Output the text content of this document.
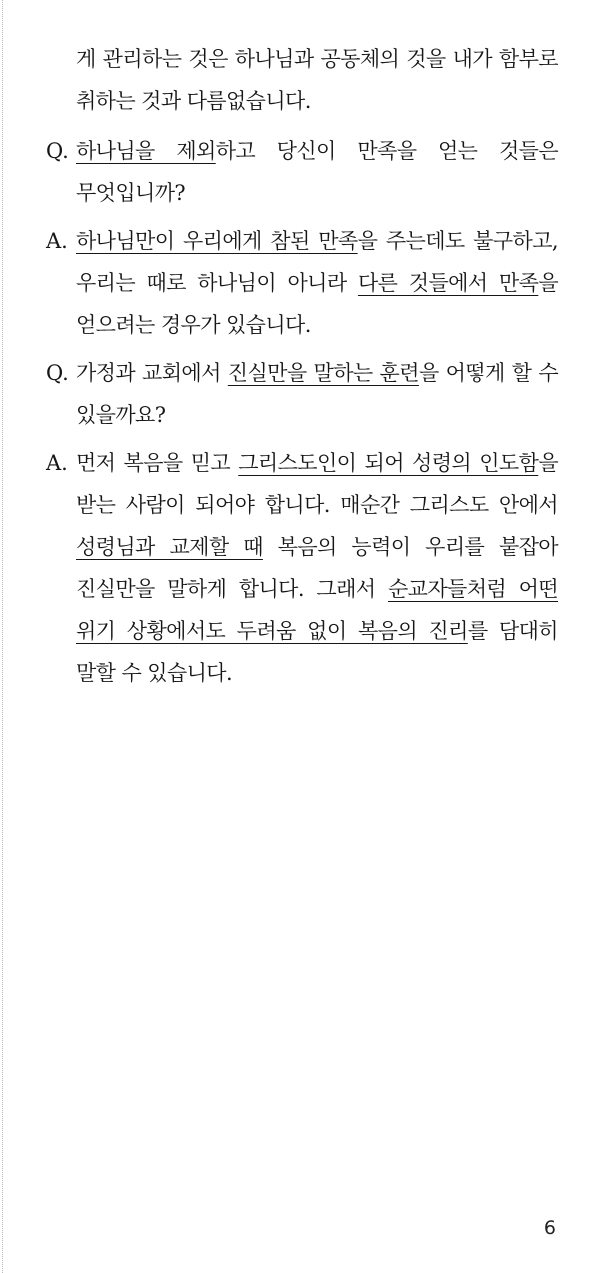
게 관리하는 것은 하나님과 공동체의 것을 내가 함부로 취하는 것과 다름없습니다.
Q. 하나님을 제외하고 당신이 만족을 얻는 것들은 무엇입니까?
A. 하나님만이 우리에게 참된 만족을 주는데도 불구하고, 우리는 때로 하나님이 아니라 다른 것들에서 만족을 얻으려는 경우가 있습니다.
Q. 가정과 교회에서 진실만을 말하는 훈련을 어떻게 할 수 있을까요?
A. 먼저 복음을 믿고 그리스도인이 되어 성령의 인도함을 받는 사람이 되어야 합니다. 매순간 그리스도 안에서 성령님과 교제할 때 복음의 능력이 우리를 붙잡아 진실만을 말하게 합니다. 그래서 순교자들처럼 어떤 위기 상황에서도 두려움 없이 복음의 진리를 담대히 말할 수 있습니다.
6
